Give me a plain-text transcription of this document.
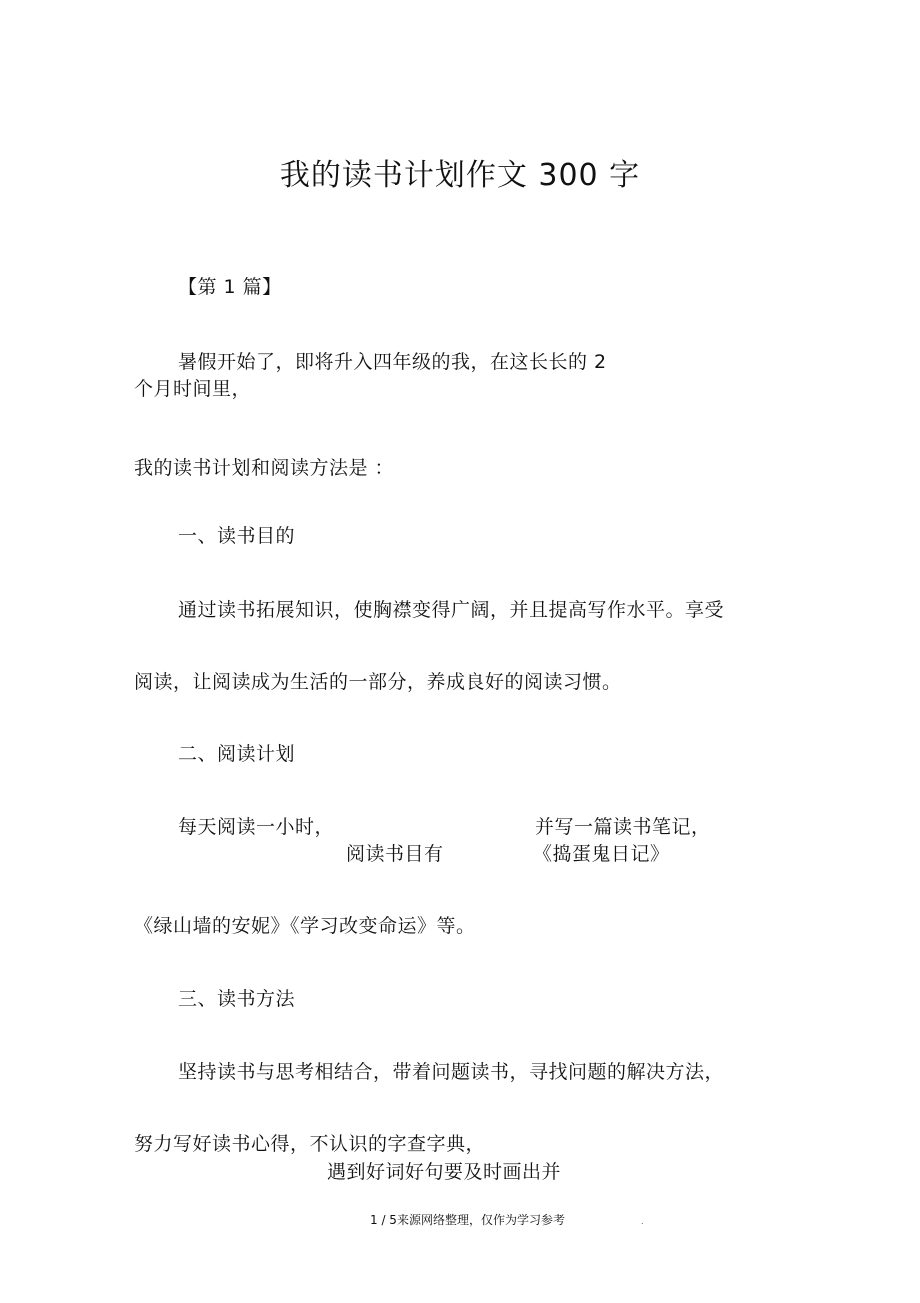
我的读书计划作文 300 字
【第 1 篇】
暑假开始了，即将升入四年级的我，在这长长的 2
个月时间里，
我的读书计划和阅读方法是 ：
一、读书目的
通过读书拓展知识，使胸襟变得广阔，并且提高写作水平。享受
阅读，让阅读成为生活的一部分，养成良好的阅读习惯。
二、阅读计划
每天阅读一小时，	并写一篇读书笔记，
阅读书目有	《捣蛋鬼日记》
《绿山墙的安妮》《学习改变命运》等。
三、读书方法
坚持读书与思考相结合，带着问题读书，寻找问题的解决方法，
努力写好读书心得，不认识的字查字典，
遇到好词好句要及时画出并
1 / 5来源网络整理，仅作为学习参考	.
